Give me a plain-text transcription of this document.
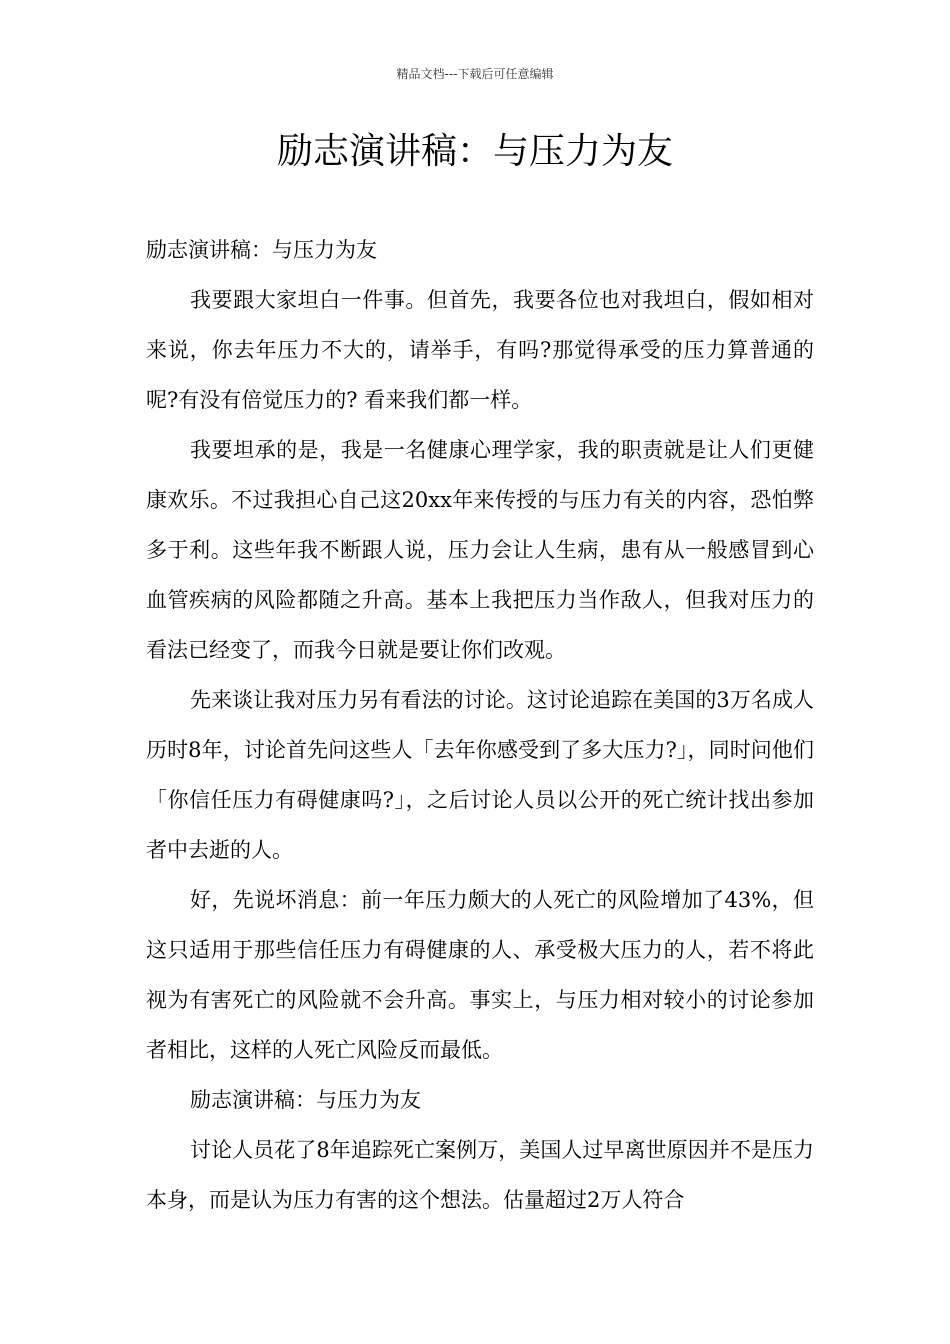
精品文档---下载后可任意编辑
励志演讲稿：与压力为友

励志演讲稿：与压力为友

我要跟大家坦白一件事。但首先，我要各位也对我坦白，假如相对来说，你去年压力不大的，请举手，有吗?那觉得承受的压力算普通的呢?有没有倍觉压力的? 看来我们都一样。

我要坦承的是，我是一名健康心理学家，我的职责就是让人们更健康欢乐。不过我担心自己这20xx年来传授的与压力有关的内容，恐怕弊多于利。这些年我不断跟人说，压力会让人生病，患有从一般感冒到心血管疾病的风险都随之升高。基本上我把压力当作敌人，但我对压力的看法已经变了，而我今日就是要让你们改观。

先来谈让我对压力另有看法的讨论。这讨论追踪在美国的3万名成人历时8年，讨论首先问这些人「去年你感受到了多大压力?」，同时问他们「你信任压力有碍健康吗?」，之后讨论人员以公开的死亡统计找出参加者中去逝的人。

好，先说坏消息：前一年压力颇大的人死亡的风险增加了43%，但这只适用于那些信任压力有碍健康的人、承受极大压力的人，若不将此视为有害死亡的风险就不会升高。事实上，与压力相对较小的讨论参加者相比，这样的人死亡风险反而最低。

励志演讲稿：与压力为友

讨论人员花了8年追踪死亡案例万，美国人过早离世原因并不是压力本身，而是认为压力有害的这个想法。估量超过2万人符合
